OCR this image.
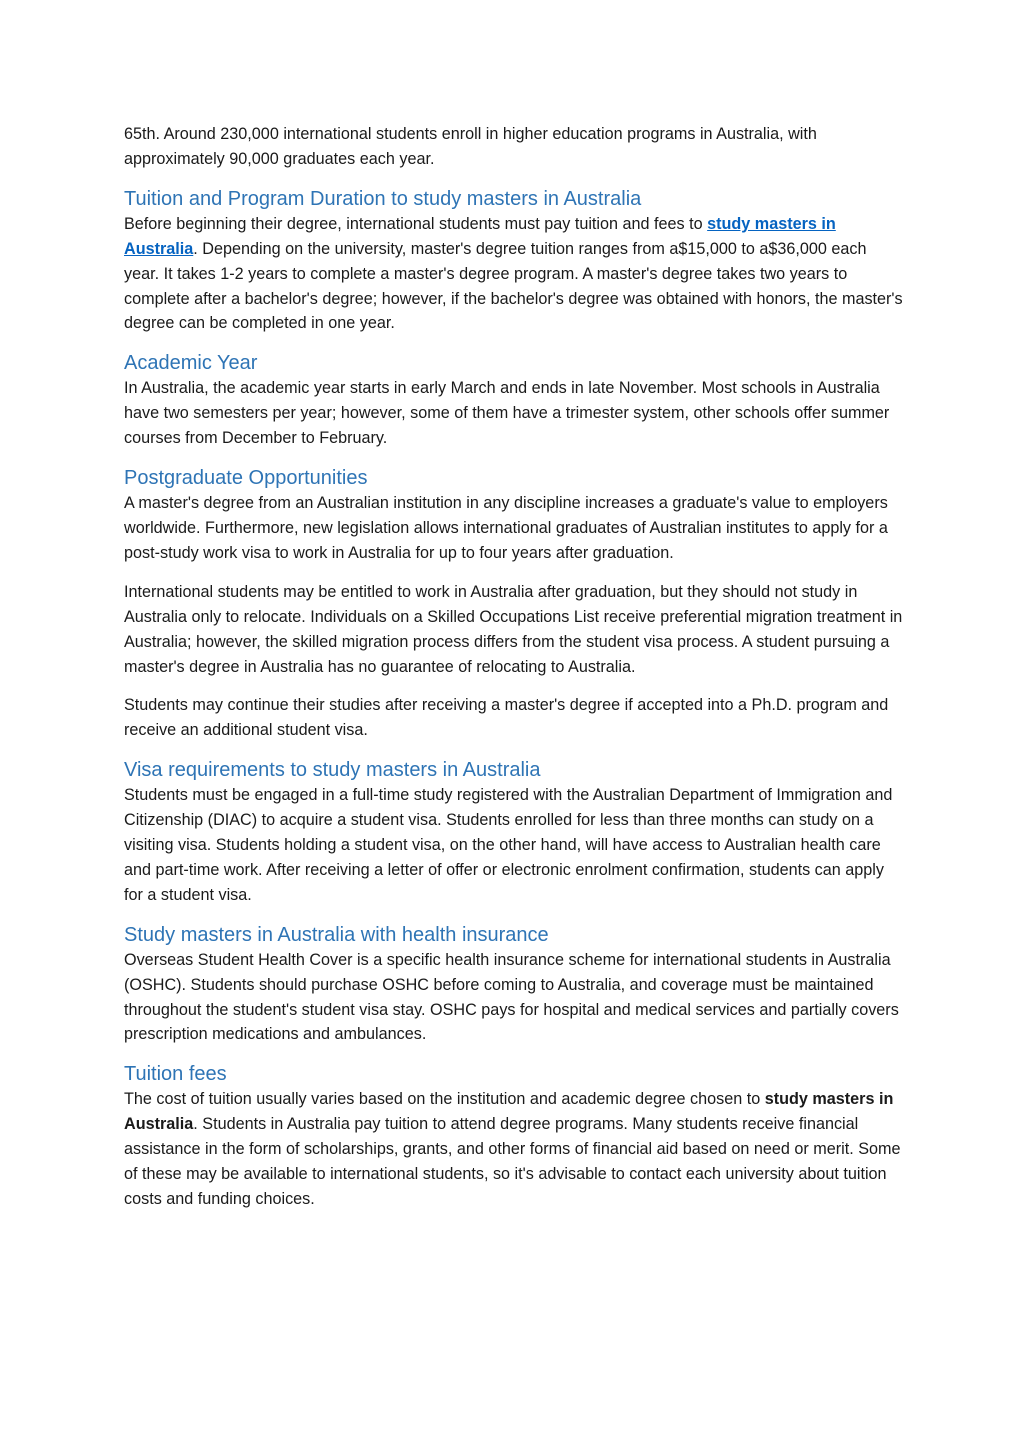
65th. Around 230,000 international students enroll in higher education programs in Australia, with approximately 90,000 graduates each year.

Tuition and Program Duration to study masters in Australia

Before beginning their degree, international students must pay tuition and fees to study masters in Australia. Depending on the university, master's degree tuition ranges from a$15,000 to a$36,000 each year. It takes 1-2 years to complete a master's degree program. A master's degree takes two years to complete after a bachelor's degree; however, if the bachelor's degree was obtained with honors, the master's degree can be completed in one year.

Academic Year

In Australia, the academic year starts in early March and ends in late November. Most schools in Australia have two semesters per year; however, some of them have a trimester system, other schools offer summer courses from December to February.

Postgraduate Opportunities

A master's degree from an Australian institution in any discipline increases a graduate's value to employers worldwide. Furthermore, new legislation allows international graduates of Australian institutes to apply for a post-study work visa to work in Australia for up to four years after graduation.

International students may be entitled to work in Australia after graduation, but they should not study in Australia only to relocate. Individuals on a Skilled Occupations List receive preferential migration treatment in Australia; however, the skilled migration process differs from the student visa process. A student pursuing a master's degree in Australia has no guarantee of relocating to Australia.

Students may continue their studies after receiving a master's degree if accepted into a Ph.D. program and receive an additional student visa.

Visa requirements to study masters in Australia

Students must be engaged in a full-time study registered with the Australian Department of Immigration and Citizenship (DIAC) to acquire a student visa. Students enrolled for less than three months can study on a visiting visa. Students holding a student visa, on the other hand, will have access to Australian health care and part-time work. After receiving a letter of offer or electronic enrolment confirmation, students can apply for a student visa.

Study masters in Australia with health insurance

Overseas Student Health Cover is a specific health insurance scheme for international students in Australia (OSHC). Students should purchase OSHC before coming to Australia, and coverage must be maintained throughout the student's student visa stay. OSHC pays for hospital and medical services and partially covers prescription medications and ambulances.

Tuition fees

The cost of tuition usually varies based on the institution and academic degree chosen to study masters in Australia. Students in Australia pay tuition to attend degree programs. Many students receive financial assistance in the form of scholarships, grants, and other forms of financial aid based on need or merit. Some of these may be available to international students, so it's advisable to contact each university about tuition costs and funding choices.
